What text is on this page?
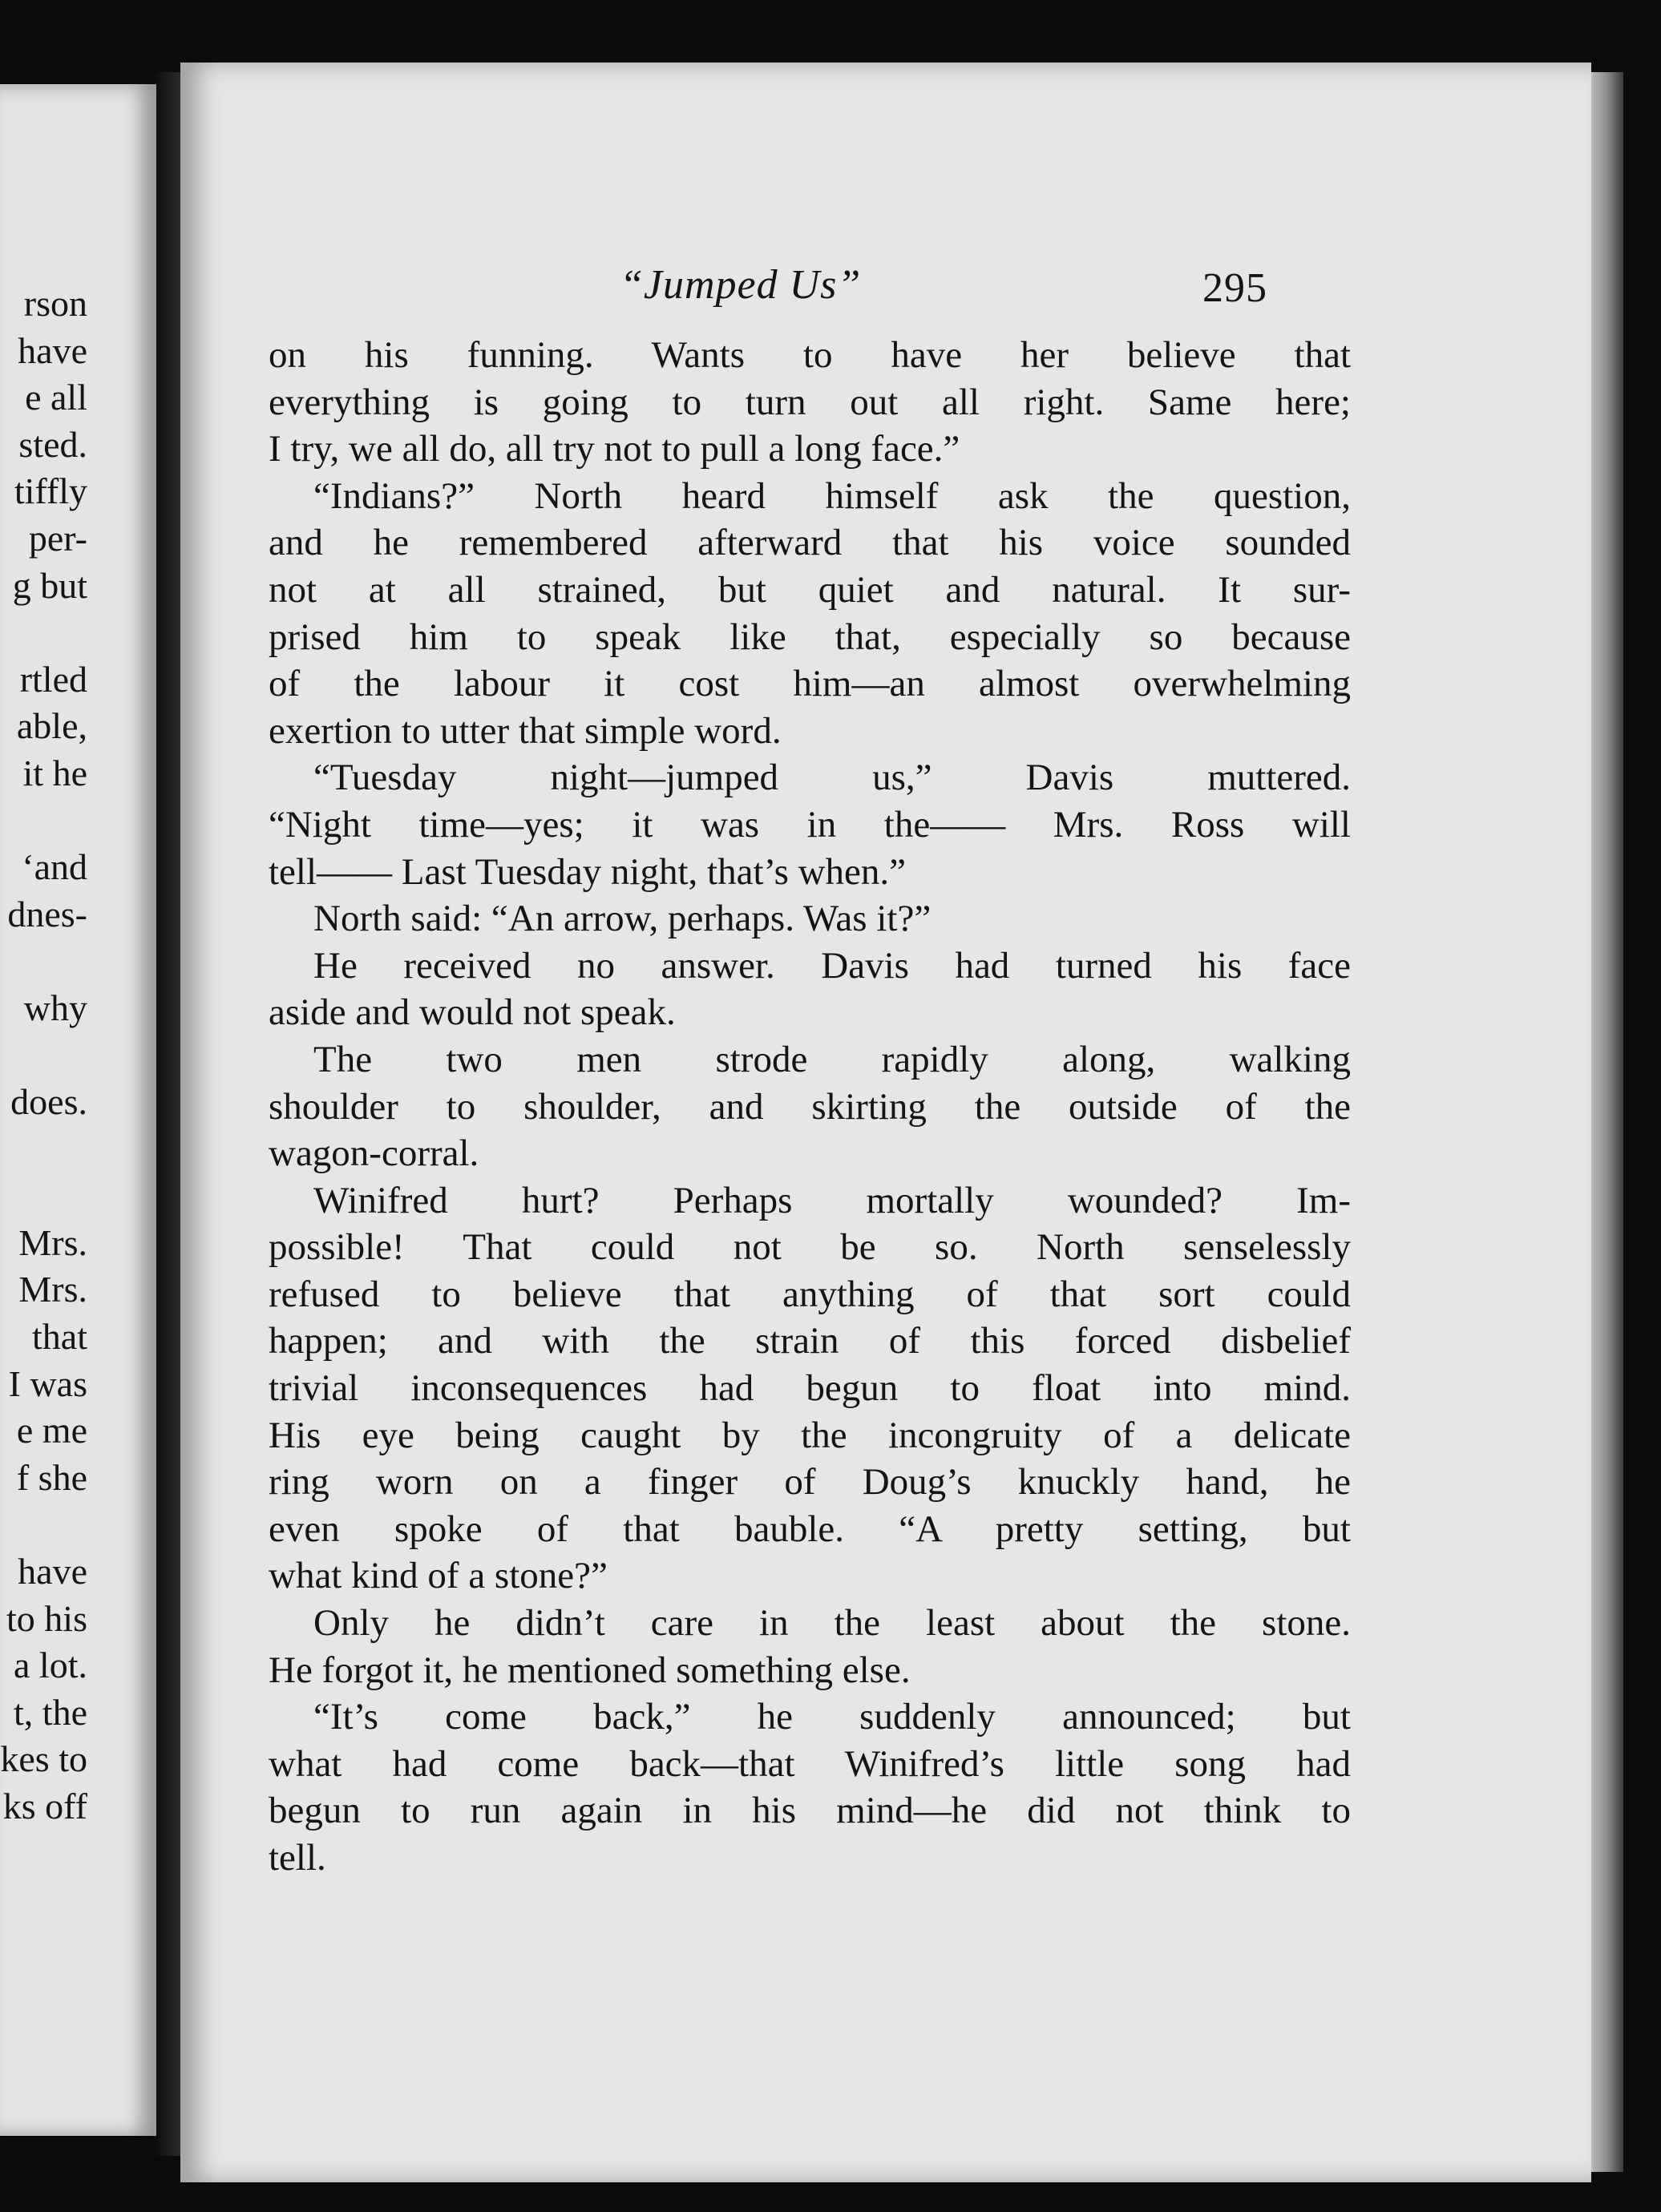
rson
have
e all
sted.
tiffly
per-
g but
rtled
able,
it he
‘and
dnes-
why
does.
Mrs.
Mrs.
that
I was
e me
f she
have
to his
a lot.
t, the
kes to
ks off
“Jumped Us”	295
on his funning. Wants to have her believe that
everything is going to turn out all right. Same here;
I try, we all do, all try not to pull a long face.”
“Indians?” North heard himself ask the question,
and he remembered afterward that his voice sounded
not at all strained, but quiet and natural. It sur-
prised him to speak like that, especially so because
of the labour it cost him—an almost overwhelming
exertion to utter that simple word.
“Tuesday night—jumped us,” Davis muttered.
“Night time—yes; it was in the—— Mrs. Ross will
tell—— Last Tuesday night, that’s when.”
North said: “An arrow, perhaps. Was it?”
He received no answer. Davis had turned his face
aside and would not speak.
The two men strode rapidly along, walking
shoulder to shoulder, and skirting the outside of the
wagon-corral.
Winifred hurt? Perhaps mortally wounded? Im-
possible! That could not be so. North senselessly
refused to believe that anything of that sort could
happen; and with the strain of this forced disbelief
trivial inconsequences had begun to float into mind.
His eye being caught by the incongruity of a delicate
ring worn on a finger of Doug’s knuckly hand, he
even spoke of that bauble. “A pretty setting, but
what kind of a stone?”
Only he didn’t care in the least about the stone.
He forgot it, he mentioned something else.
“It’s come back,” he suddenly announced; but
what had come back—that Winifred’s little song had
begun to run again in his mind—he did not think to
tell.
